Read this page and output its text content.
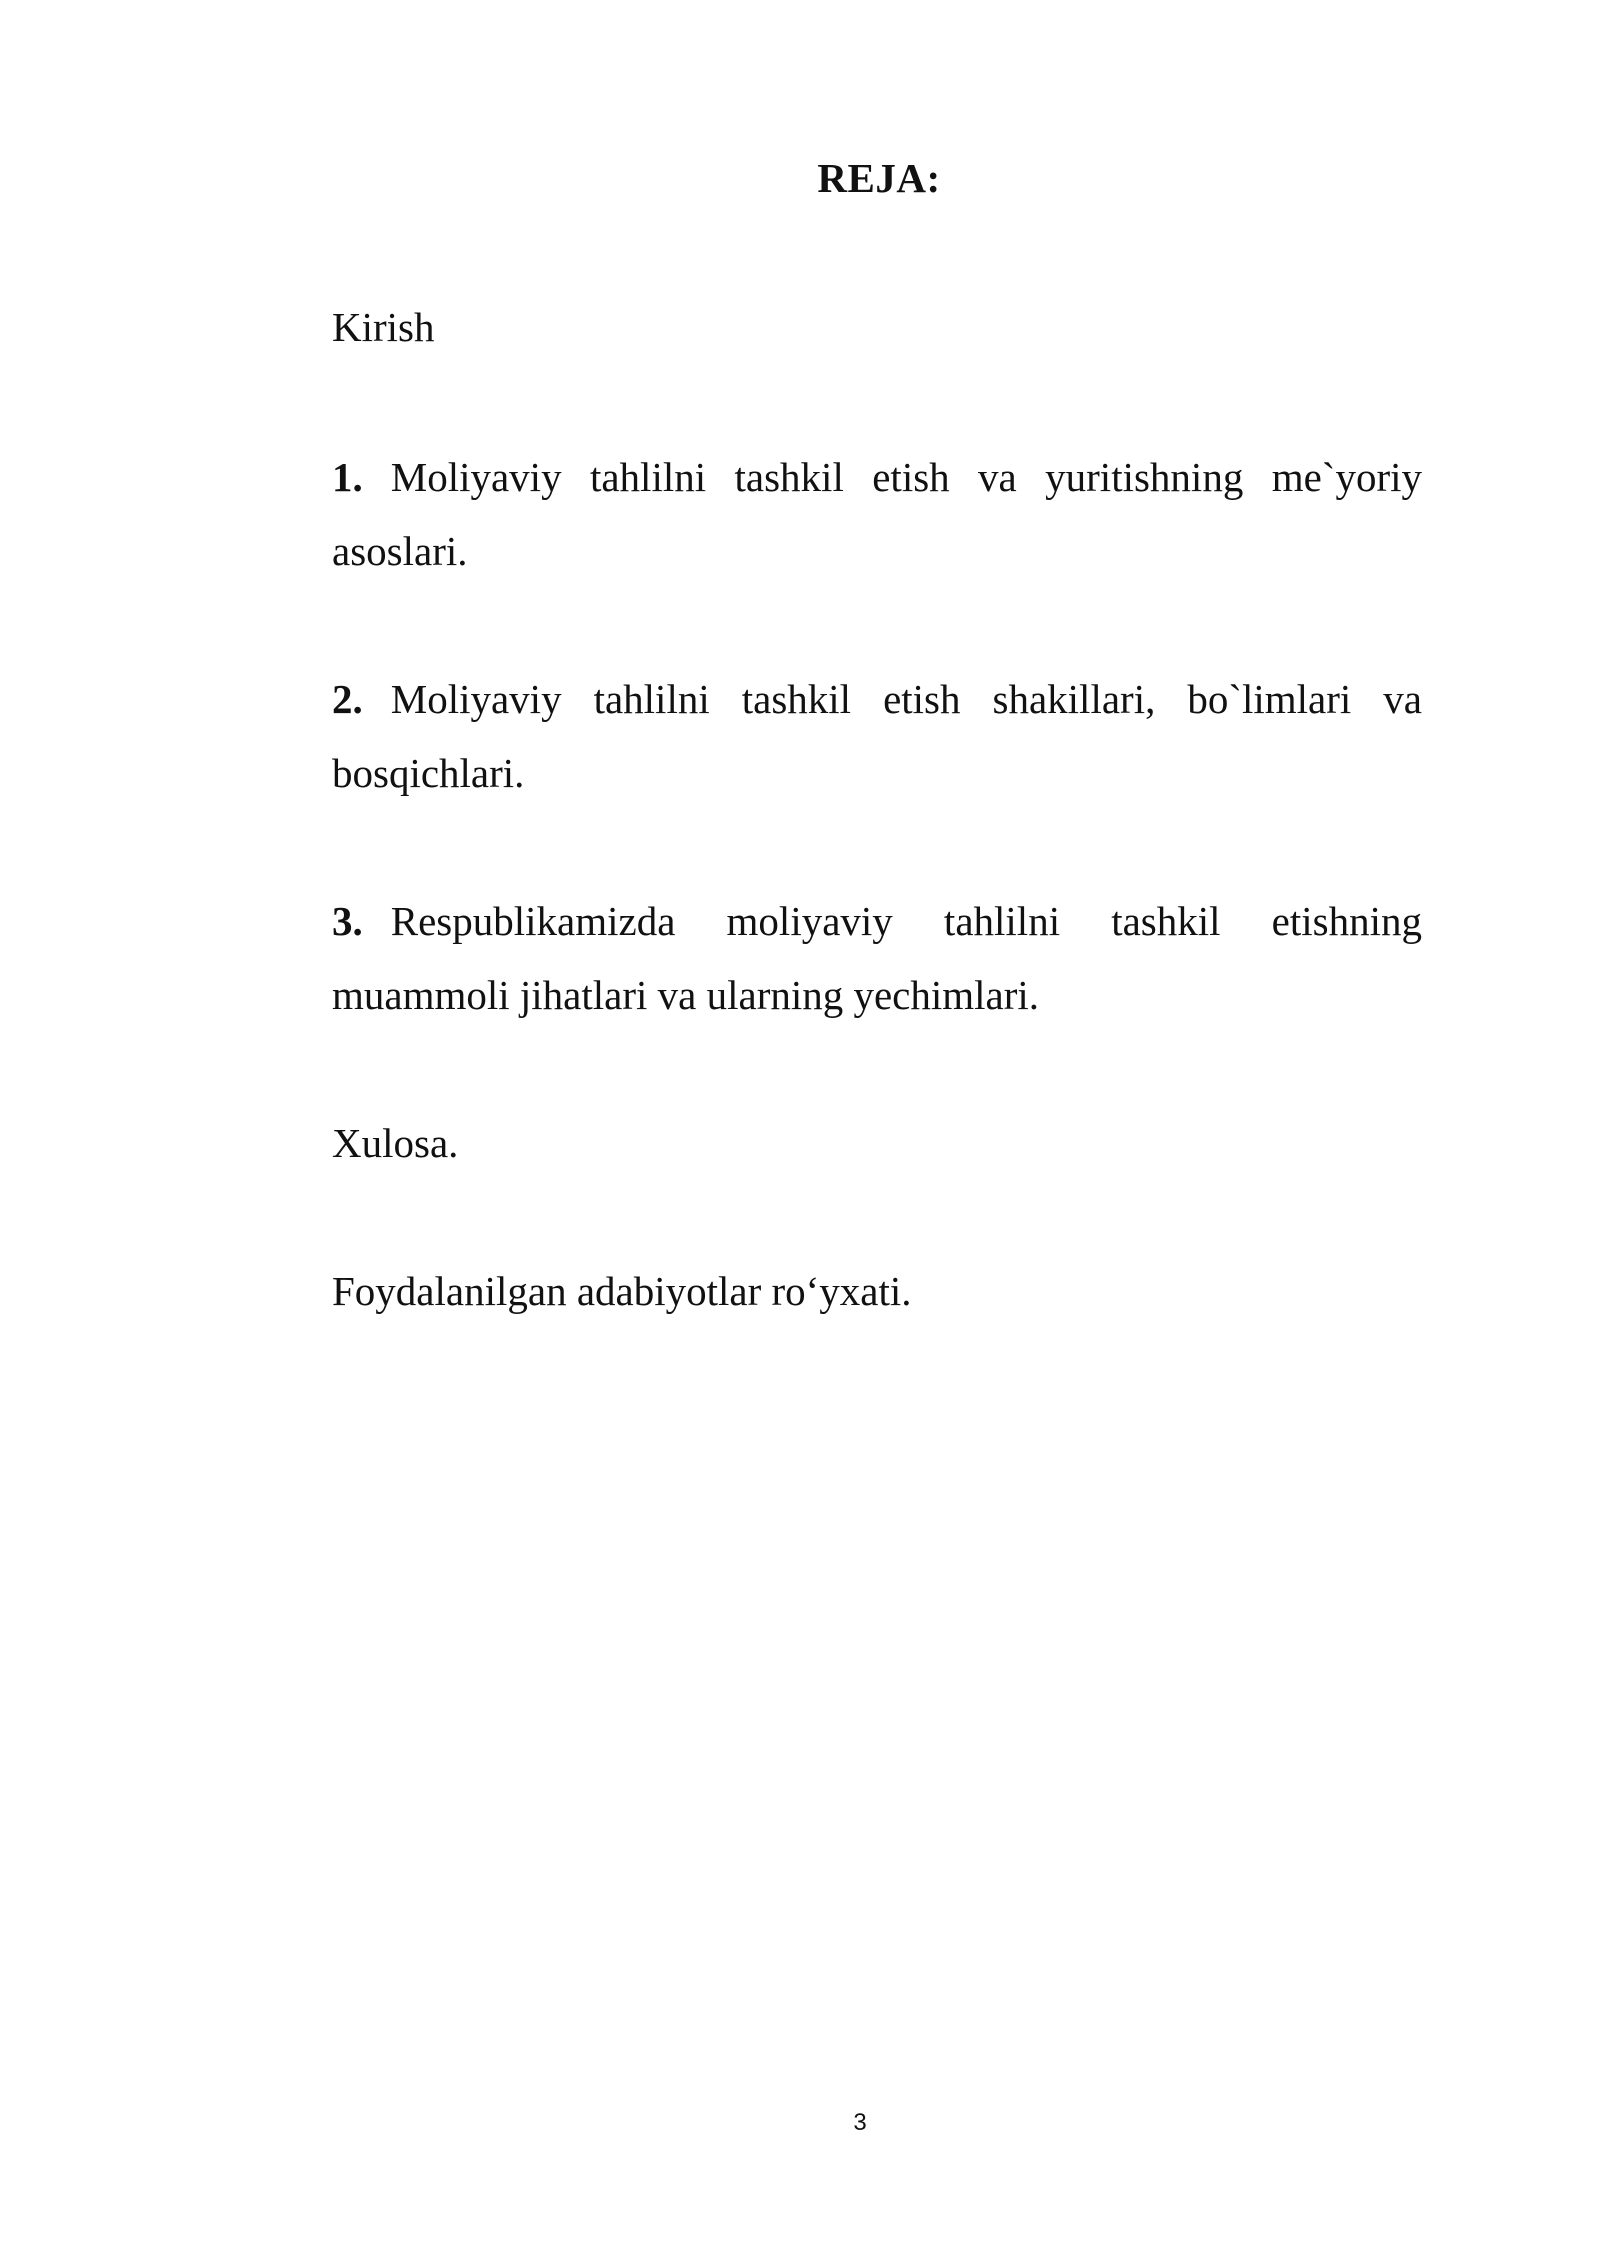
REJA:
Kirish
1. Moliyaviy tahlilni tashkil etish va yuritishning me`yoriy asoslari.
2. Moliyaviy tahlilni tashkil etish shakillari, bo`limlari va bosqichlari.
3. Respublikamizda moliyaviy tahlilni tashkil etishning muammoli jihatlari va ularning yechimlari.
Xulosa.
Foydalanilgan adabiyotlar ro‘yxati.
3
